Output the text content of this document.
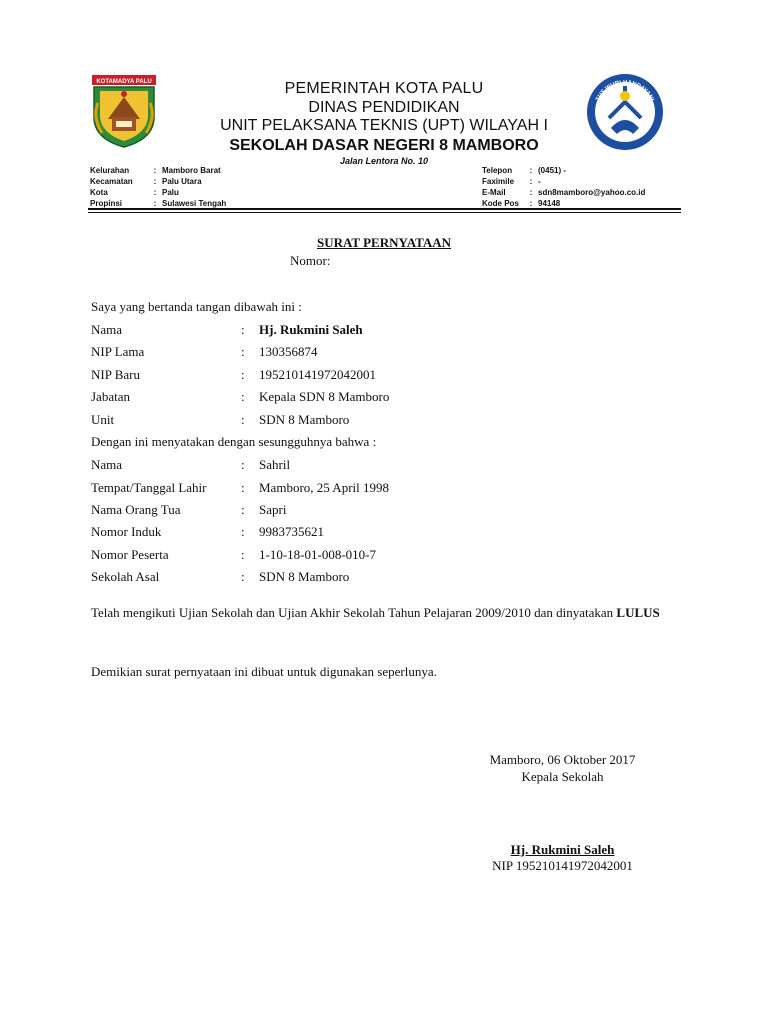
KOTAMADYA PALU
TUT WURI HANDAYANI
PEMERINTAH KOTA PALU
DINAS PENDIDIKAN
UNIT PELAKSANA TEKNIS (UPT) WILAYAH I
SEKOLAH DASAR NEGERI 8 MAMBORO
Jalan Lentora No. 10
Kelurahan	: Mamboro Barat
Kecamatan	: Palu Utara
Kota	: Palu
Propinsi	: Sulawesi Tengah
Telepon	: (0451) -
Faximile	: -
E-Mail	: sdn8mamboro@yahoo.co.id
Kode Pos	: 94148
SURAT PERNYATAAN
Nomor:
Saya yang bertanda tangan dibawah ini :
Nama	: Hj. Rukmini Saleh
NIP Lama	: 130356874
NIP Baru	: 195210141972042001
Jabatan	: Kepala SDN 8 Mamboro
Unit	: SDN 8 Mamboro
Dengan ini menyatakan dengan sesungguhnya bahwa :
Nama	: Sahril
Tempat/Tanggal Lahir	: Mamboro, 25 April 1998
Nama Orang Tua	: Sapri
Nomor Induk	: 9983735621
Nomor Peserta	: 1-10-18-01-008-010-7
Sekolah Asal	: SDN 8 Mamboro
Telah mengikuti Ujian Sekolah dan Ujian Akhir Sekolah Tahun Pelajaran 2009/2010 dan dinyatakan LULUS
Demikian surat pernyataan ini dibuat untuk digunakan seperlunya.
Mamboro, 06 Oktober 2017
Kepala Sekolah
Hj. Rukmini Saleh
NIP 195210141972042001
